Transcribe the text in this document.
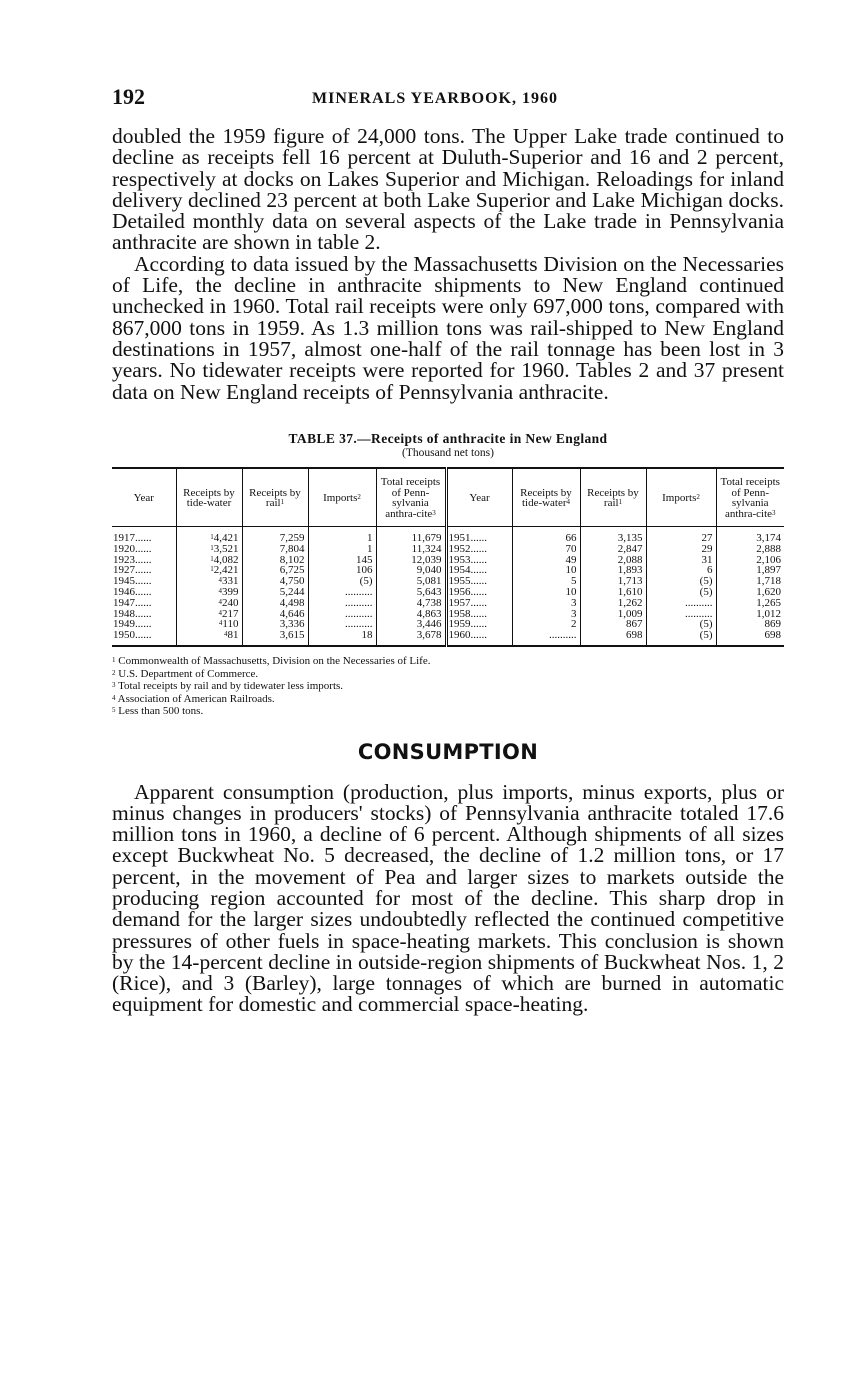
192	MINERALS YEARBOOK, 1960

doubled the 1959 figure of 24,000 tons. The Upper Lake trade continued to decline as receipts fell 16 percent at Duluth-Superior and 16 and 2 percent, respectively at docks on Lakes Superior and Michigan. Reloadings for inland delivery declined 23 percent at both Lake Superior and Lake Michigan docks. Detailed monthly data on several aspects of the Lake trade in Pennsylvania anthracite are shown in table 2.

According to data issued by the Massachusetts Division on the Necessaries of Life, the decline in anthracite shipments to New England continued unchecked in 1960. Total rail receipts were only 697,000 tons, compared with 867,000 tons in 1959. As 1.3 million tons was rail-shipped to New England destinations in 1957, almost one-half of the rail tonnage has been lost in 3 years. No tidewater receipts were reported for 1960. Tables 2 and 37 present data on New England receipts of Pennsylvania anthracite.

TABLE 37.—Receipts of anthracite in New England
(Thousand net tons)
Year	Receipts by tide-water	Receipts by rail$^1$	Imports$^2$	Total receipts of Penn-sylvania anthra-cite$^3$	Year	Receipts by tide-water$^4$	Receipts by rail$^1$	Imports$^2$	Total receipts of Penn-sylvania anthra-cite$^3$
1917......	$^1$4,421	7,259	1	11,679	1951......	66	3,135	27	3,174
1920......	$^1$3,521	7,804	1	11,324	1952......	70	2,847	29	2,888
1923......	$^1$4,082	8,102	145	12,039	1953......	49	2,088	31	2,106
1927......	$^1$2,421	6,725	106	9,040	1954......	10	1,893	6	1,897
1945......	$^4$331	4,750	(5)	5,081	1955......	5	1,713	(5)	1,718
1946......	$^4$399	5,244	..........	5,643	1956......	10	1,610	(5)	1,620
1947......	$^4$240	4,498	..........	4,738	1957......	3	1,262	..........	1,265
1948......	$^4$217	4,646	..........	4,863	1958......	3	1,009	..........	1,012
1949......	$^4$110	3,336	..........	3,446	1959......	2	867	(5)	869
1950......	$^4$81	3,615	18	3,678	1960......	..........	698	(5)	698
$^1$ Commonwealth of Massachusetts, Division on the Necessaries of Life.
$^2$ U.S. Department of Commerce.
$^3$ Total receipts by rail and by tidewater less imports.
$^4$ Association of American Railroads.
$^5$ Less than 500 tons.
CONSUMPTION

Apparent consumption (production, plus imports, minus exports, plus or minus changes in producers' stocks) of Pennsylvania anthracite totaled 17.6 million tons in 1960, a decline of 6 percent. Although shipments of all sizes except Buckwheat No. 5 decreased, the decline of 1.2 million tons, or 17 percent, in the movement of Pea and larger sizes to markets outside the producing region accounted for most of the decline. This sharp drop in demand for the larger sizes undoubtedly reflected the continued competitive pressures of other fuels in space-heating markets. This conclusion is shown by the 14-percent decline in outside-region shipments of Buckwheat Nos. 1, 2 (Rice), and 3 (Barley), large tonnages of which are burned in automatic equipment for domestic and commercial space-heating.
